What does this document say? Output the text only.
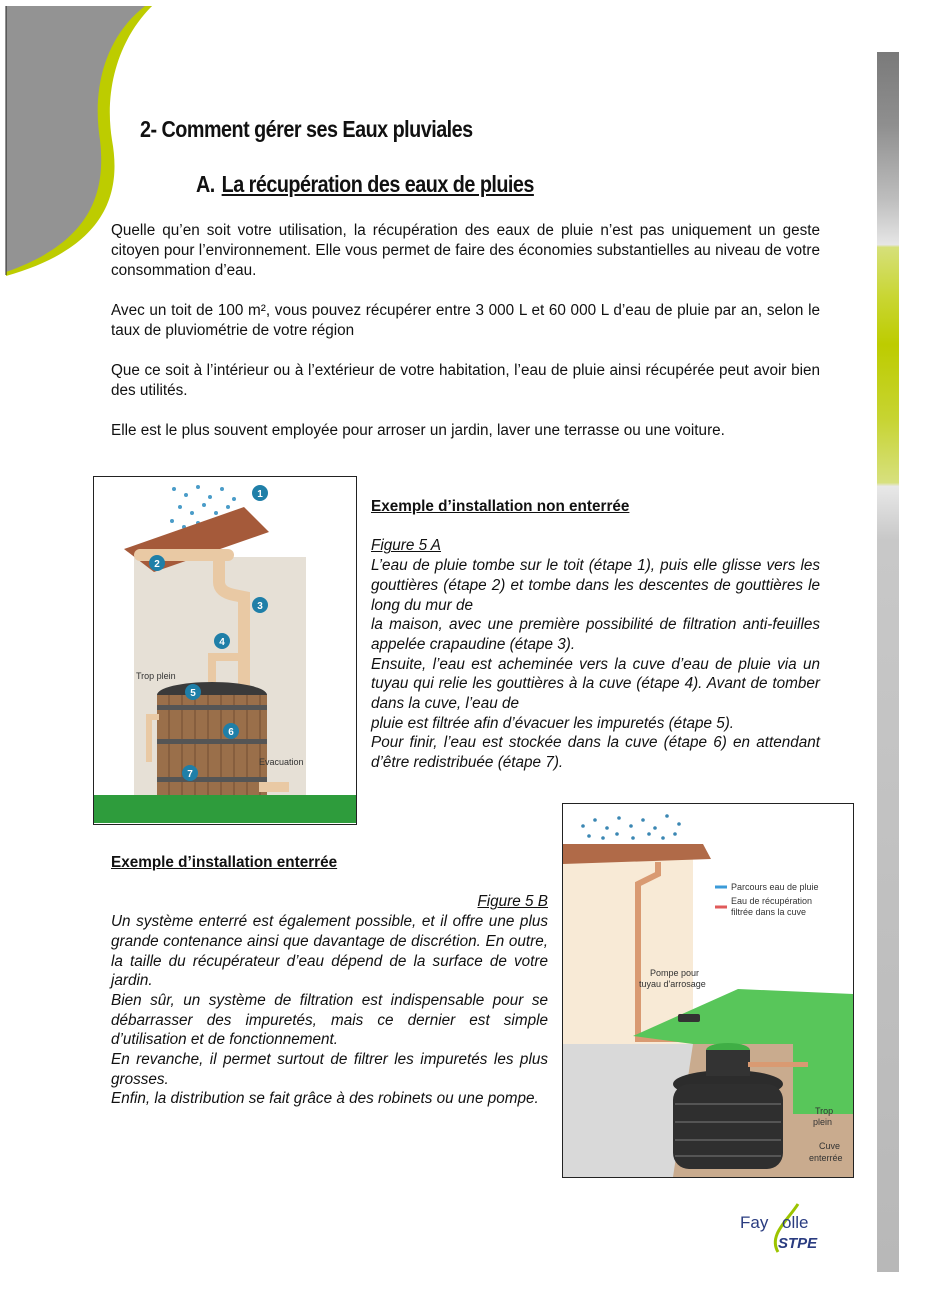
2- Comment gérer ses Eaux pluviales
A. La récupération des eaux de pluies

Quelle qu’en soit votre utilisation, la récupération des eaux de pluie n’est pas uniquement un geste citoyen pour l’environnement. Elle vous permet de faire des économies substantielles au niveau de votre consommation d’eau.

Avec un toit de 100 m², vous pouvez récupérer entre 3 000 L et 60 000 L d’eau de pluie par an, selon le taux de pluviométrie de votre région

Que ce soit à l’intérieur ou à l’extérieur de votre habitation, l’eau de pluie ainsi récupérée peut avoir bien des utilités.

Elle est le plus souvent employée pour arroser un jardin, laver une terrasse ou une voiture.

1
2
3
4
5
6
7
Trop plein
Evacuation

Exemple d’installation non enterrée

Figure 5 A

L’eau de pluie tombe sur le toit (étape 1), puis elle glisse vers les gouttières (étape 2) et tombe dans les descentes de gouttières le long du mur de
la maison, avec une première possibilité de filtration anti-feuilles appelée crapaudine (étape 3).
Ensuite, l’eau est acheminée vers la cuve d’eau de pluie via un tuyau qui relie les gouttières à la cuve (étape 4). Avant de tomber dans la cuve, l’eau de
pluie est filtrée afin d’évacuer les impuretés (étape 5).
Pour finir, l’eau est stockée dans la cuve (étape 6) en attendant d’être redistribuée (étape 7).

Exemple d’installation enterrée

Figure 5 B

Un système enterré est également possible, et il offre une plus grande contenance ainsi que davantage de discrétion. En outre, la taille du récupérateur d’eau dépend de la surface de votre jardin.
Bien sûr, un système de filtration est indispensable pour se débarrasser des impuretés, mais ce dernier est simple d’utilisation et de fonctionnement.
En revanche, il permet surtout de filtrer les impuretés les plus grosses.
Enfin, la distribution se fait grâce à des robinets ou une pompe.
Parcours eau de pluie
Eau de récupération
filtrée dans la cuve
Pompe pour
tuyau d'arrosage
Trop
plein
Cuve
enterrée
Fay olle
STPE
